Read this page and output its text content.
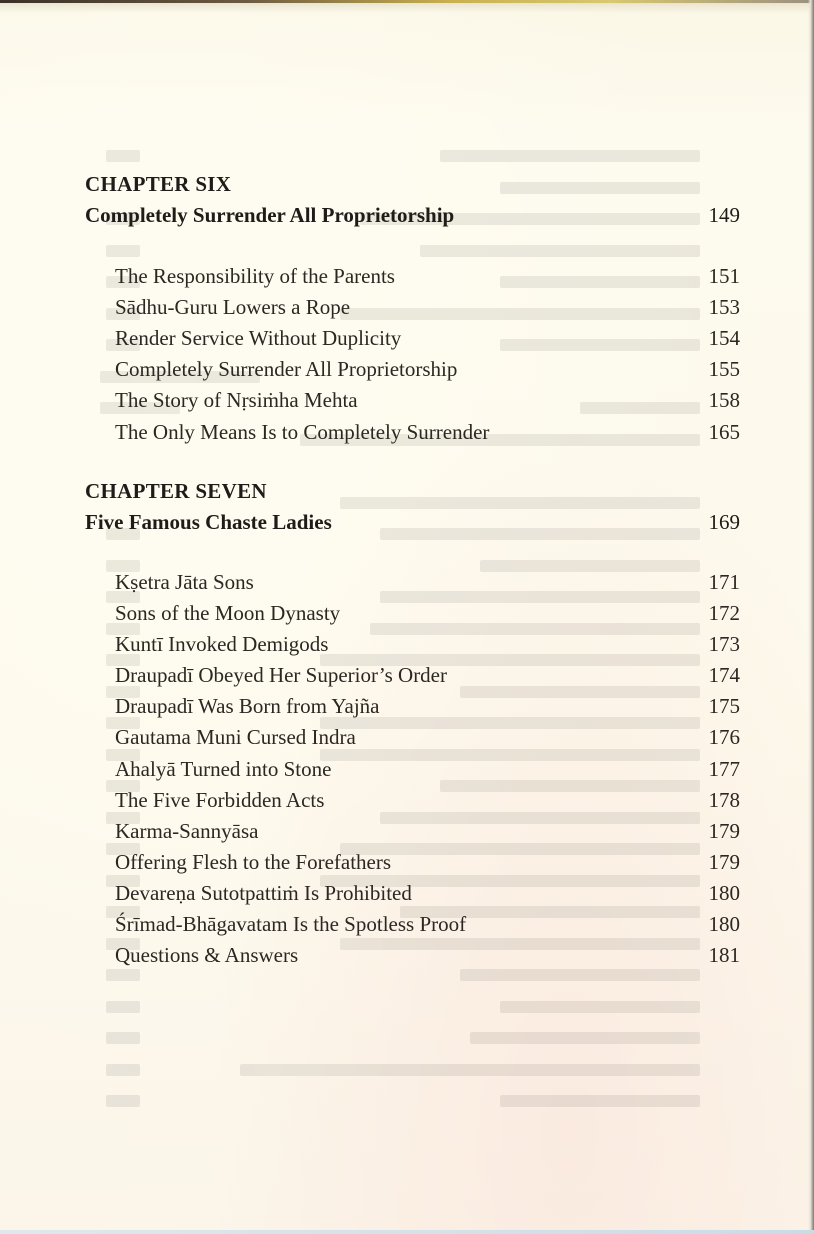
CHAPTER SIX
Completely Surrender All Proprietorship	149
The Responsibility of the Parents	151
Sādhu-Guru Lowers a Rope	153
Render Service Without Duplicity	154
Completely Surrender All Proprietorship	155
The Story of Nṛsiṁha Mehta	158
The Only Means Is to Completely Surrender	165
CHAPTER SEVEN
Five Famous Chaste Ladies	169
Kṣetra Jāta Sons	171
Sons of the Moon Dynasty	172
Kuntī Invoked Demigods	173
Draupadī Obeyed Her Superior’s Order	174
Draupadī Was Born from Yajña	175
Gautama Muni Cursed Indra	176
Ahalyā Turned into Stone	177
The Five Forbidden Acts	178
Karma-Sannyāsa	179
Offering Flesh to the Forefathers	179
Devareṇa Sutotpattiṁ Is Prohibited	180
Śrīmad-Bhāgavatam Is the Spotless Proof	180
Questions & Answers	181
